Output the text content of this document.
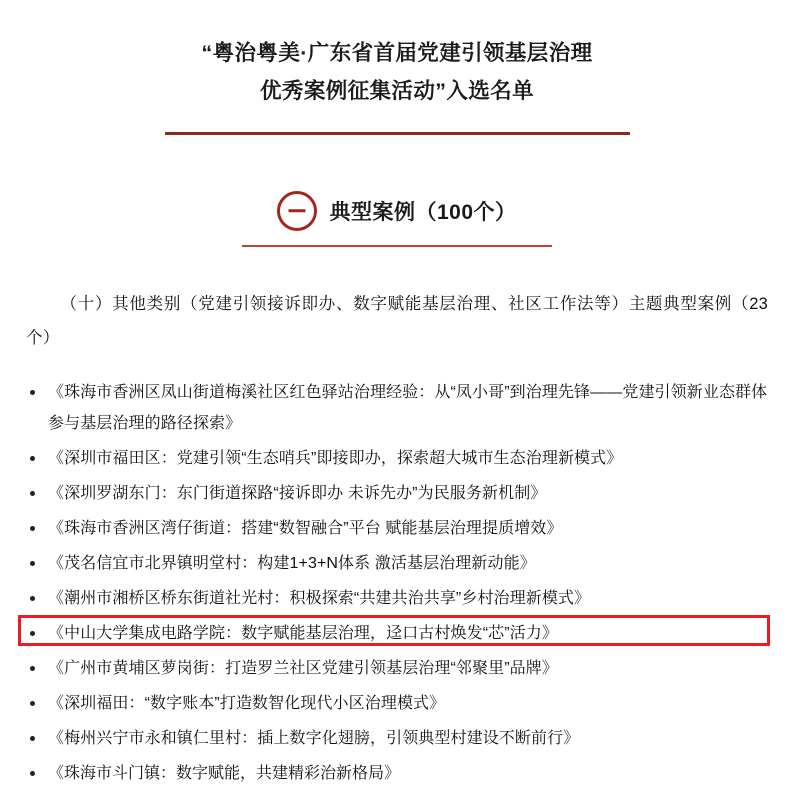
“粤治粤美·广东省首届党建引领基层治理
优秀案例征集活动”入选名单
典型案例（100个）
（十）其他类别（党建引领接诉即办、数字赋能基层治理、社区工作法等）主题典型案例（23个）
《珠海市香洲区凤山街道梅溪社区红色驿站治理经验：从“凤小哥”到治理先锋——党建引领新业态群体参与基层治理的路径探索》
《深圳市福田区：党建引领“生态哨兵”即接即办，探索超大城市生态治理新模式》
《深圳罗湖东门：东门街道探路“接诉即办 未诉先办”为民服务新机制》
《珠海市香洲区湾仔街道：搭建“数智融合”平台 赋能基层治理提质增效》
《茂名信宜市北界镇明堂村：构建1+3+N体系 激活基层治理新动能》
《潮州市湘桥区桥东街道社光村：积极探索“共建共治共享”乡村治理新模式》
《中山大学集成电路学院：数字赋能基层治理，迳口古村焕发“芯”活力》
《广州市黄埔区萝岗街：打造罗兰社区党建引领基层治理“邻聚里”品牌》
《深圳福田：“数字账本”打造数智化现代小区治理模式》
《梅州兴宁市永和镇仁里村：插上数字化翅膀，引领典型村建设不断前行》
《珠海市斗门镇：数字赋能，共建精彩治新格局》
